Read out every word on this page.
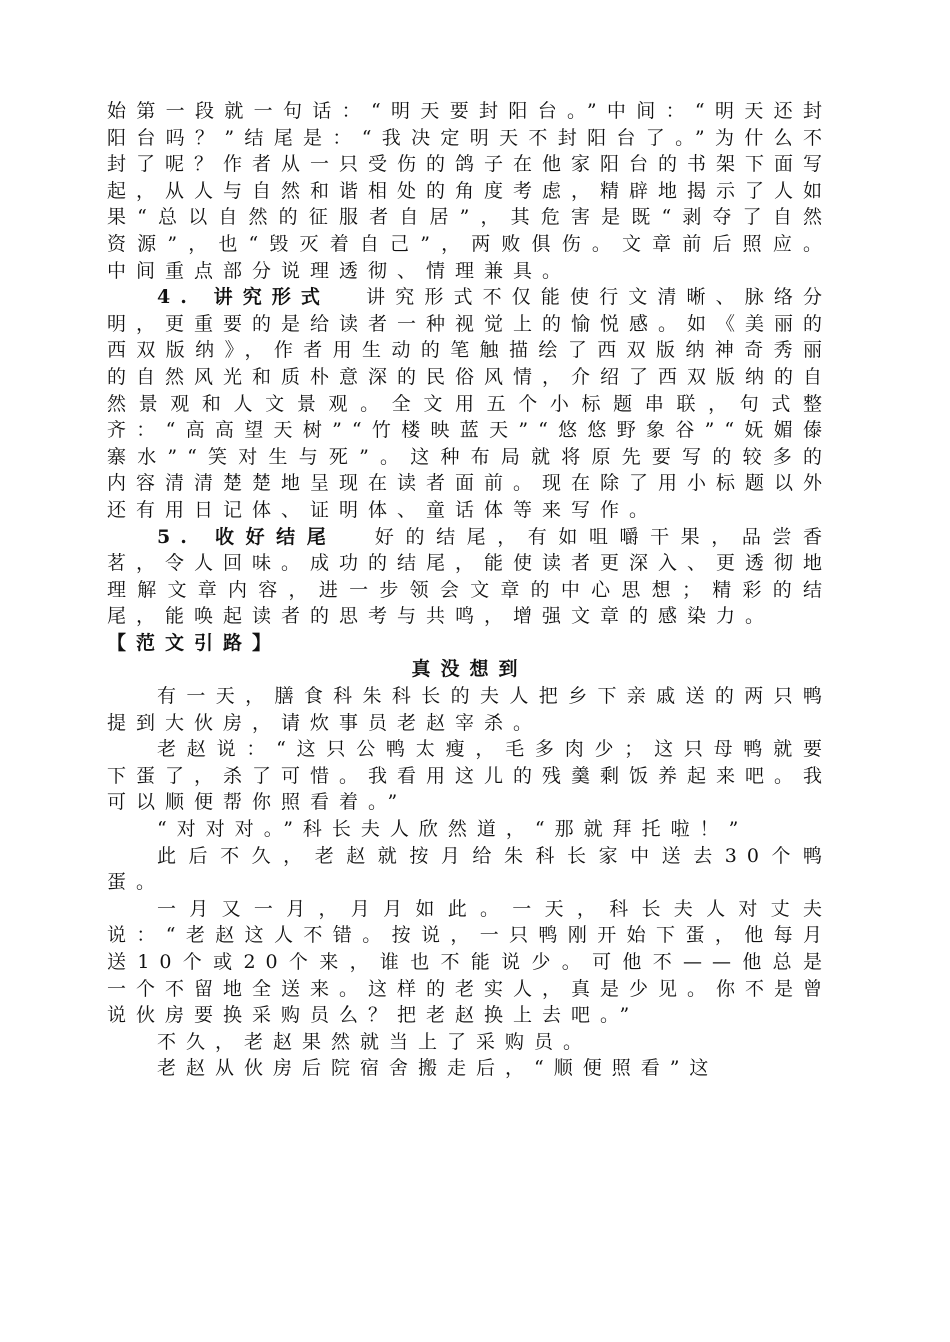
始第一段就一句话：“明天要封阳台。”中间：“明天还封阳台吗？”结尾是：“我决定明天不封阳台了。”为什么不封了呢？作者从一只受伤的鸽子在他家阳台的书架下面写起，从人与自然和谐相处的角度考虑，精辟地揭示了人如果“总以自然的征服者自居”，其危害是既“剥夺了自然资源”，也“毁灭着自己”，两败俱伤。文章前后照应。中间重点部分说理透彻、情理兼具。

4. 讲究形式 讲究形式不仅能使行文清晰、脉络分明，更重要的是给读者一种视觉上的愉悦感。如《美丽的西双版纳》，作者用生动的笔触描绘了西双版纳神奇秀丽的自然风光和质朴意深的民俗风情，介绍了西双版纳的自然景观和人文景观。全文用五个小标题串联，句式整齐：“高高望天树”“竹楼映蓝天”“悠悠野象谷”“妩媚傣寨水”“笑对生与死”。这种布局就将原先要写的较多的内容清清楚楚地呈现在读者面前。现在除了用小标题以外还有用日记体、证明体、童话体等来写作。

5. 收好结尾 好的结尾，有如咀嚼干果，品尝香茗，令人回味。成功的结尾，能使读者更深入、更透彻地理解文章内容，进一步领会文章的中心思想；精彩的结尾，能唤起读者的思考与共鸣，增强文章的感染力。

【范文引路】

真没想到

有一天，膳食科朱科长的夫人把乡下亲戚送的两只鸭提到大伙房，请炊事员老赵宰杀。

老赵说：“这只公鸭太瘦，毛多肉少；这只母鸭就要下蛋了，杀了可惜。我看用这儿的残羹剩饭养起来吧。我可以顺便帮你照看着。”

“对对对。”科长夫人欣然道，“那就拜托啦！”

此后不久，老赵就按月给朱科长家中送去30个鸭蛋。

一月又一月，月月如此。一天，科长夫人对丈夫说：“老赵这人不错。按说，一只鸭刚开始下蛋，他每月送10个或20个来，谁也不能说少。可他不——他总是一个不留地全送来。这样的老实人，真是少见。你不是曾说伙房要换采购员么？把老赵换上去吧。”

不久，老赵果然就当上了采购员。

老赵从伙房后院宿舍搬走后，“顺便照看”这
